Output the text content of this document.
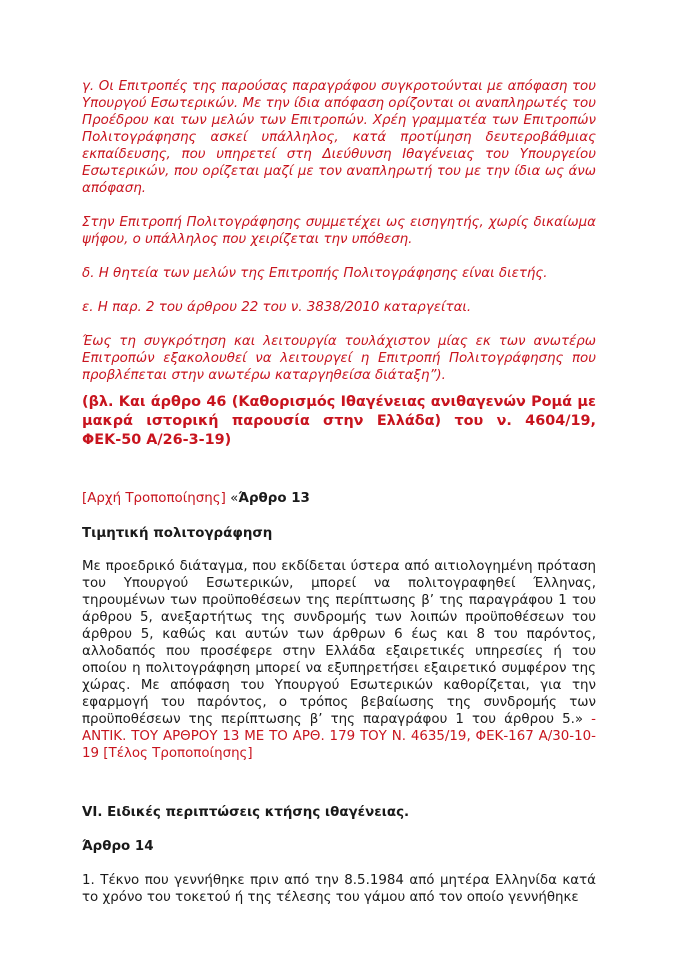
γ. Οι Επιτροπές της παρούσας παραγράφου συγκροτούνται με απόφαση του Υπουργού Εσωτερικών. Με την ίδια απόφαση ορίζονται οι αναπληρωτές του Προέδρου και των μελών των Επιτροπών. Χρέη γραμματέα των Επιτροπών Πολιτογράφησης ασκεί υπάλληλος, κατά προτίμηση δευτεροβάθμιας εκπαίδευσης, που υπηρετεί στη Διεύθυνση Ιθαγένειας του Υπουργείου Εσωτερικών, που ορίζεται μαζί με τον αναπληρωτή του με την ίδια ως άνω απόφαση.

Στην Επιτροπή Πολιτογράφησης συμμετέχει ως εισηγητής, χωρίς δικαίωμα ψήφου, ο υπάλληλος που χειρίζεται την υπόθεση.

δ. Η θητεία των μελών της Επιτροπής Πολιτογράφησης είναι διετής.

ε. Η παρ. 2 του άρθρου 22 του ν. 3838/2010 καταργείται.

Έως τη συγκρότηση και λειτουργία τουλάχιστον μίας εκ των ανωτέρω Επιτροπών εξακολουθεί να λειτουργεί η Επιτροπή Πολιτογράφησης που προβλέπεται στην ανωτέρω καταργηθείσα διάταξη”).

(βλ. Και άρθρο 46 (Καθορισμός Ιθαγένειας ανιθαγενών Ρομά με μακρά ιστορική παρουσία στην Ελλάδα) του ν. 4604/19, ΦΕΚ-50 Α/26-3-19)

[Αρχή Τροποποίησης] «Άρθρο 13

Τιμητική πολιτογράφηση

Με προεδρικό διάταγμα, που εκδίδεται ύστερα από αιτιολογημένη πρόταση του Υπουργού Εσωτερικών, μπορεί να πολιτογραφηθεί Έλληνας, τηρουμένων των προϋποθέσεων της περίπτωσης β’ της παραγράφου 1 του άρθρου 5, ανεξαρτήτως της συνδρομής των λοιπών προϋποθέσεων του άρθρου 5, καθώς και αυτών των άρθρων 6 έως και 8 του παρόντος, αλλοδαπός που προσέφερε στην Ελλάδα εξαιρετικές υπηρεσίες ή του οποίου η πολιτογράφηση μπορεί να εξυπηρετήσει εξαιρετικό συμφέρον της χώρας. Με απόφαση του Υπουργού Εσωτερικών καθορίζεται, για την εφαρμογή του παρόντος, ο τρόπος βεβαίωσης της συνδρομής των προϋποθέσεων της περίπτωσης β’ της παραγράφου 1 του άρθρου 5.» - ΑΝΤΙΚ. ΤΟΥ ΑΡΘΡΟΥ 13 ΜΕ ΤΟ ΑΡΘ. 179 ΤΟΥ Ν. 4635/19, ΦΕΚ-167 Α/30-10-19 [Τέλος Τροποποίησης]

VI. Ειδικές περιπτώσεις κτήσης ιθαγένειας.

Άρθρο 14

1. Τέκνο που γεννήθηκε πριν από την 8.5.1984 από μητέρα Ελληνίδα κατά το χρόνο του τοκετού ή της τέλεσης του γάμου από τον οποίο γεννήθηκε
